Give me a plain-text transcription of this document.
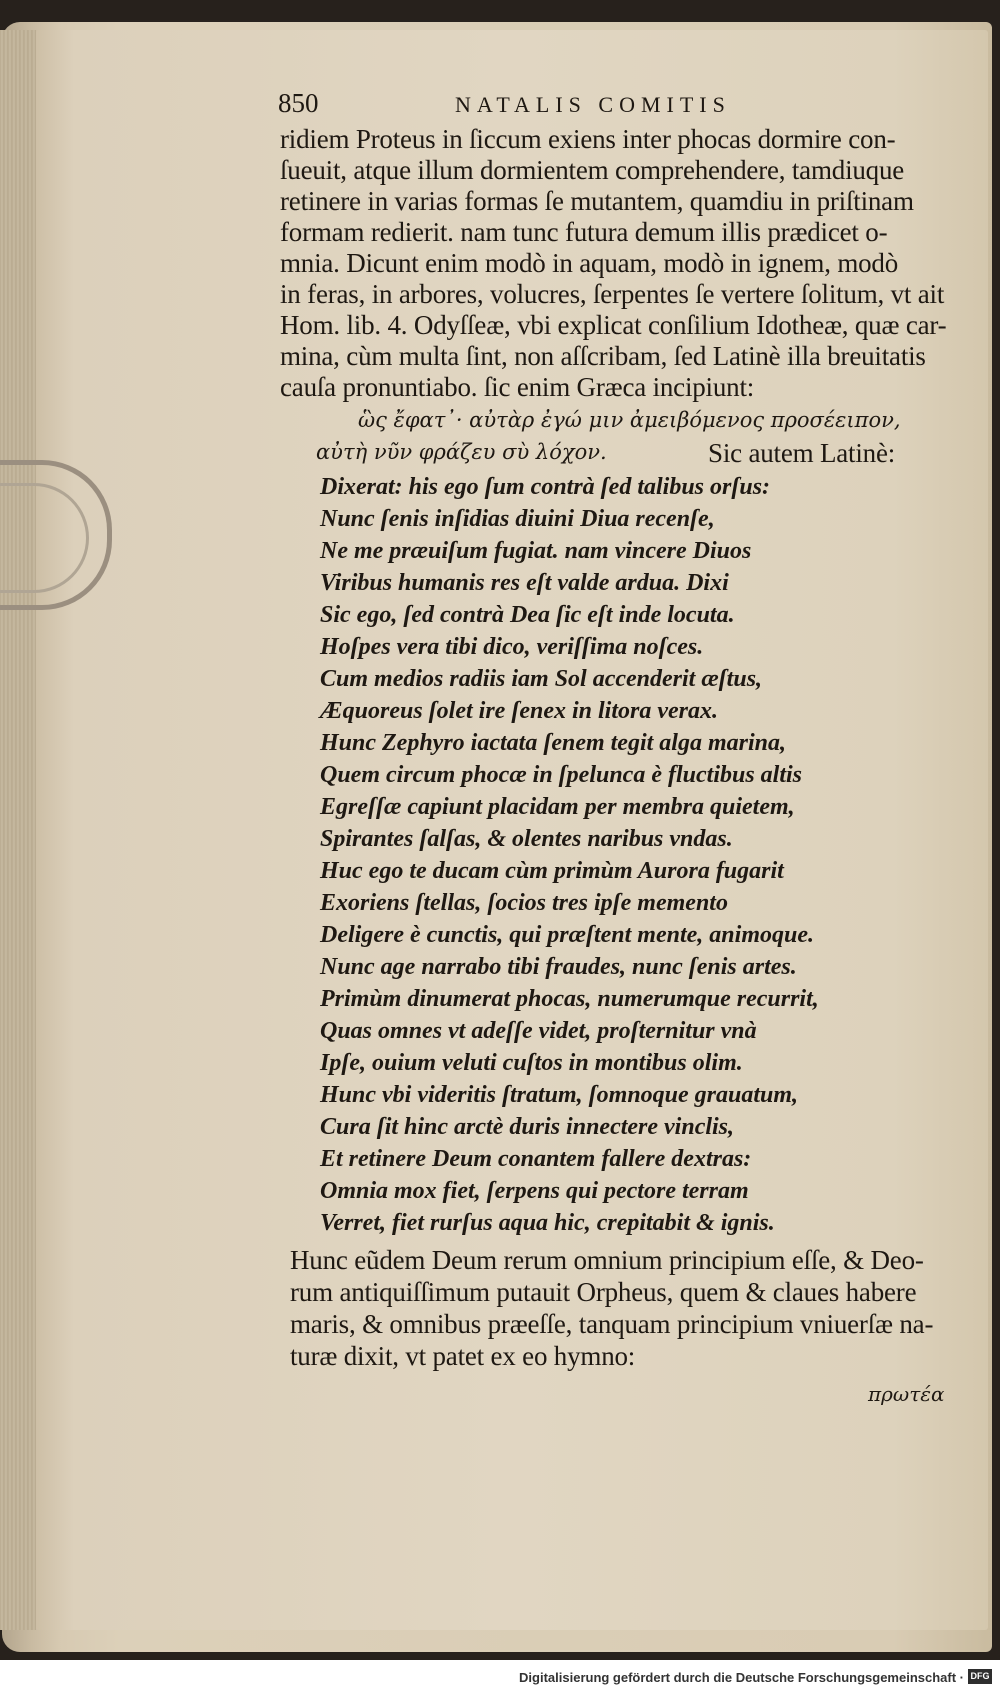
850	NATALIS COMITIS
ridiem Proteus in ſiccum exiens inter phocas dormire con-
ſueuit, atque illum dormientem comprehendere, tamdiuque
retinere in varias formas ſe mutantem, quamdiu in priſtinam
formam redierit. nam tunc futura demum illis prædicet o-
mnia. Dicunt enim modò in aquam, modò in ignem, modò
in feras, in arbores, volucres, ſerpentes ſe vertere ſolitum, vt ait
Hom. lib. 4. Odyſſeæ, vbi explicat conſilium Idotheæ, quæ car-
mina, cùm multa ſint, non aſſcribam, ſed Latinè illa breuitatis
cauſa pronuntiabo. ſic enim Græca incipiunt:
ὣς ἔφατ᾽· αὐτὰρ ἐγώ μιν ἀμειβόμενος προσέειπον,
αὐτὴ νῦν φράζευ σὺ λόχον.	Sic autem Latinè:
Dixerat: his ego ſum contrà ſed talibus orſus:
Nunc ſenis inſidias diuini Diua recenſe,
Ne me præuiſum fugiat. nam vincere Diuos
Viribus humanis res eſt valde ardua. Dixi
Sic ego, ſed contrà Dea ſic eſt inde locuta.
Hoſpes vera tibi dico, veriſſima noſces.
Cum medios radiis iam Sol accenderit æſtus,
Æquoreus ſolet ire ſenex in litora verax.
Hunc Zephyro iactata ſenem tegit alga marina,
Quem circum phocæ in ſpelunca è fluctibus altis
Egreſſæ capiunt placidam per membra quietem,
Spirantes ſalſas, & olentes naribus vndas.
Huc ego te ducam cùm primùm Aurora fugarit
Exoriens ſtellas, ſocios tres ipſe memento
Deligere è cunctis, qui præſtent mente, animoque.
Nunc age narrabo tibi fraudes, nunc ſenis artes.
Primùm dinumerat phocas, numerumque recurrit,
Quas omnes vt adeſſe videt, proſternitur vnà
Ipſe, ouium veluti cuſtos in montibus olim.
Hunc vbi videritis ſtratum, ſomnoque grauatum,
Cura ſit hinc arctè duris innectere vinclis,
Et retinere Deum conantem fallere dextras:
Omnia mox fiet, ſerpens qui pectore terram
Verret, fiet rurſus aqua hic, crepitabit & ignis.
Hunc eũdem Deum rerum omnium principium eſſe, & Deo-
rum antiquiſſimum putauit Orpheus, quem & claues habere
maris, & omnibus præeſſe, tanquam principium vniuerſæ na-
turæ dixit, vt patet ex eo hymno:
πρωτέα
Digitalisierung gefördert durch die Deutsche Forschungsgemeinschaft · DFG
